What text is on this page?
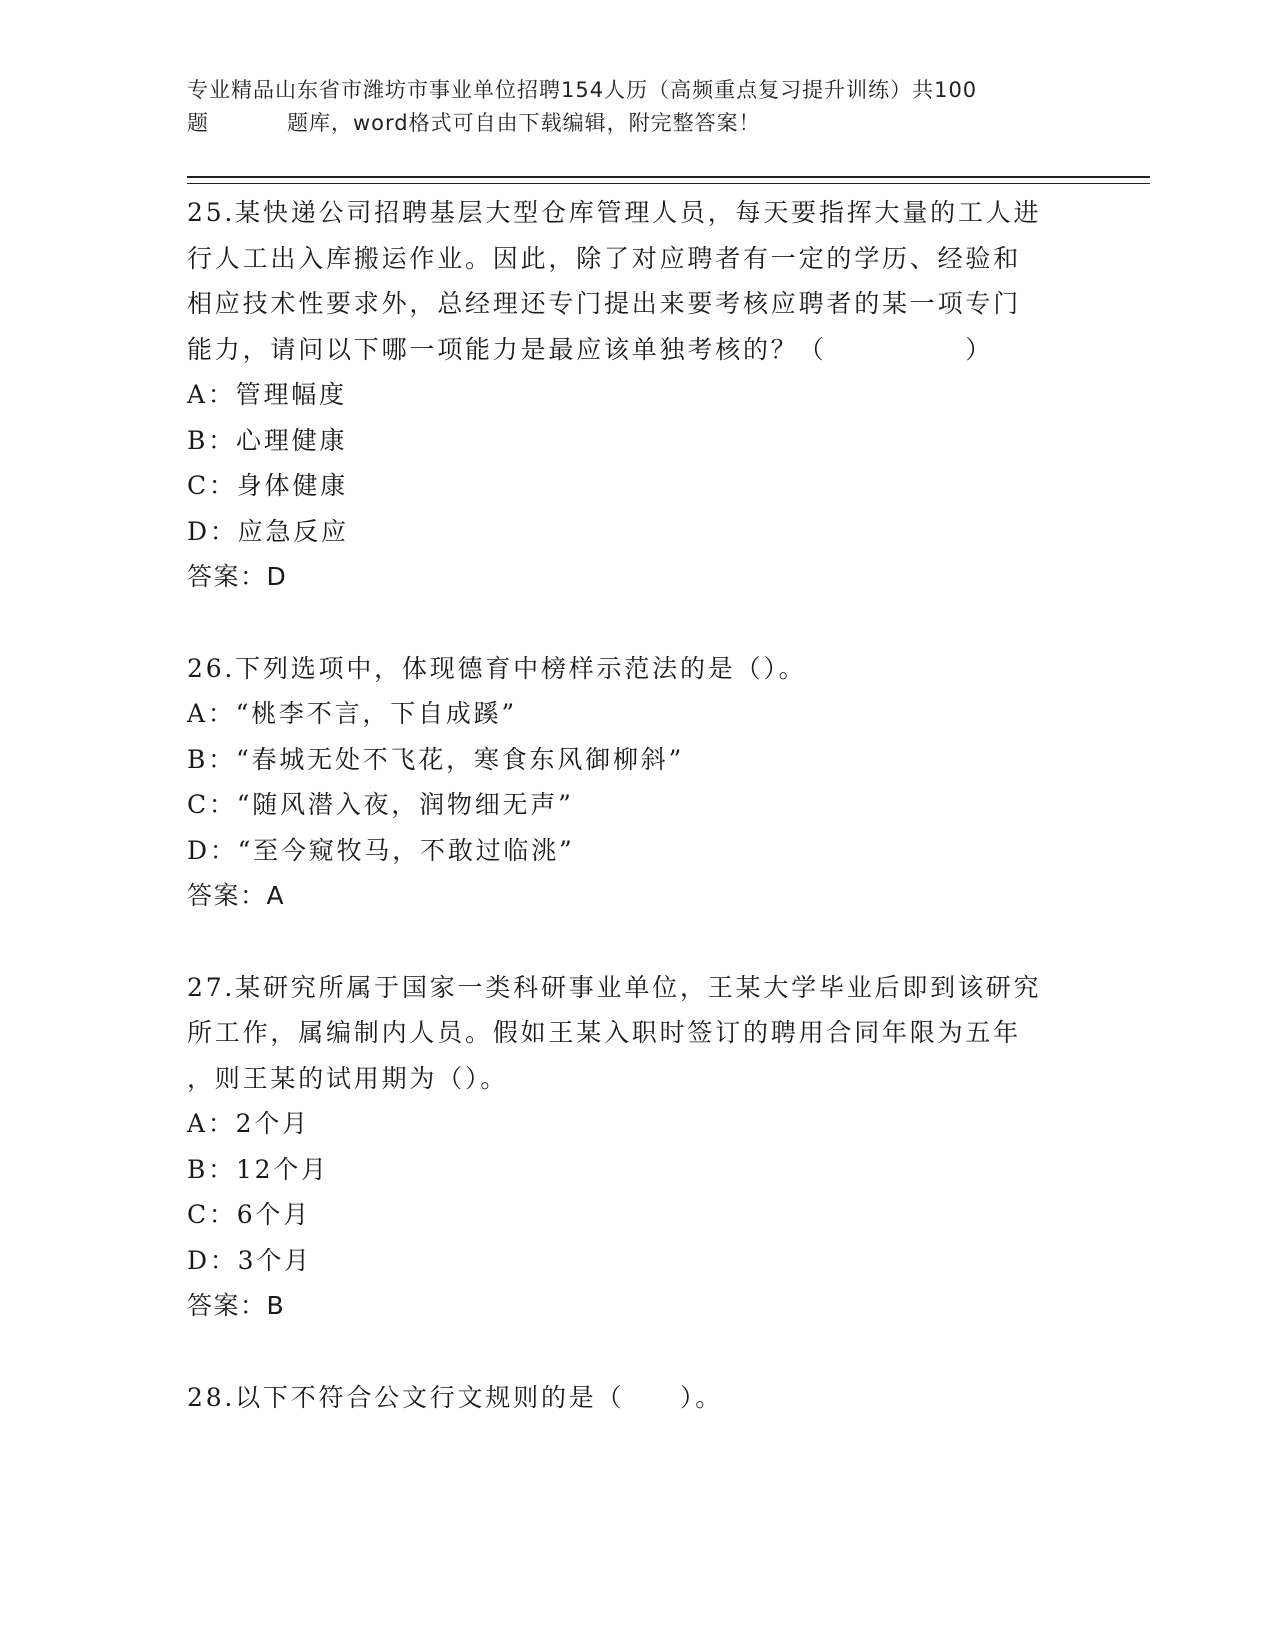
专业精品山东省市潍坊市事业单位招聘154人历（高频重点复习提升训练）共100
题	题库，word格式可自由下载编辑，附完整答案！

25.某快递公司招聘基层大型仓库管理人员，每天要指挥大量的工人进

行人工出入库搬运作业。因此，除了对应聘者有一定的学历、经验和

相应技术性要求外，总经理还专门提出来要考核应聘者的某一项专门

能力，请问以下哪一项能力是最应该单独考核的？（　　　　　）

A：管理幅度

B：心理健康

C：身体健康

D：应急反应

答案：D

26.下列选项中，体现德育中榜样示范法的是（）。

A：“桃李不言，下自成蹊”

B：“春城无处不飞花，寒食东风御柳斜”

C：“随风潜入夜，润物细无声”

D：“至今窥牧马，不敢过临洮”

答案：A

27.某研究所属于国家一类科研事业单位，王某大学毕业后即到该研究

所工作，属编制内人员。假如王某入职时签订的聘用合同年限为五年

，则王某的试用期为（）。

A：2个月

B：12个月

C：6个月

D：3个月

答案：B

28.以下不符合公文行文规则的是（　　）。
